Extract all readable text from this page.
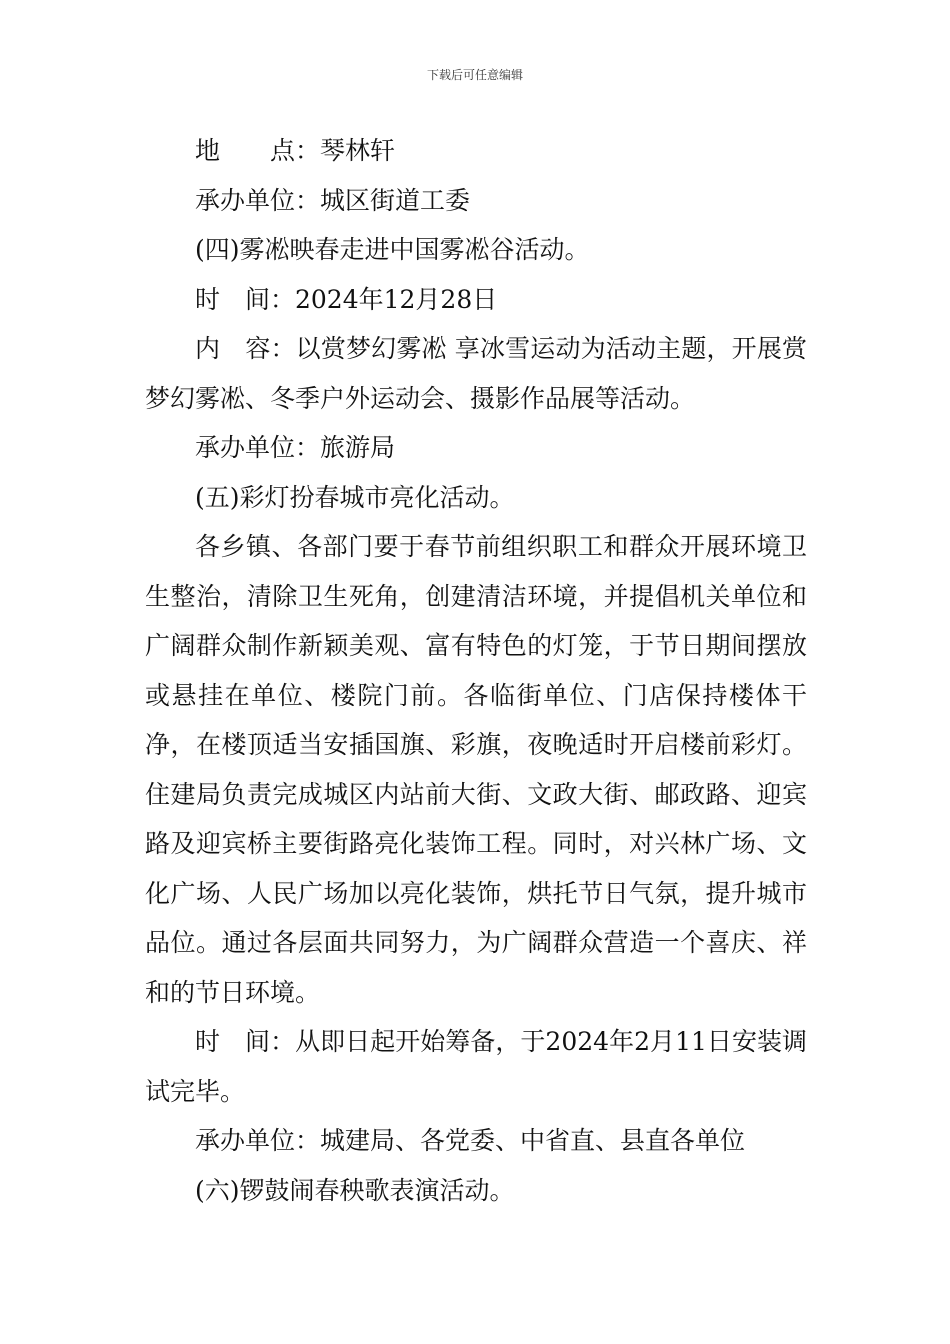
下载后可任意编辑

地　　点：琴林轩

承办单位：城区街道工委

(四)雾凇映春走进中国雾凇谷活动。

时　间：2024年12月28日

内　容：以赏梦幻雾凇 享冰雪运动为活动主题，开展赏梦幻雾凇、冬季户外运动会、摄影作品展等活动。

承办单位：旅游局

(五)彩灯扮春城市亮化活动。

各乡镇、各部门要于春节前组织职工和群众开展环境卫生整治，清除卫生死角，创建清洁环境，并提倡机关单位和广阔群众制作新颖美观、富有特色的灯笼，于节日期间摆放或悬挂在单位、楼院门前。各临街单位、门店保持楼体干净，在楼顶适当安插国旗、彩旗，夜晚适时开启楼前彩灯。住建局负责完成城区内站前大街、文政大街、邮政路、迎宾路及迎宾桥主要街路亮化装饰工程。同时，对兴林广场、文化广场、人民广场加以亮化装饰，烘托节日气氛，提升城市品位。通过各层面共同努力，为广阔群众营造一个喜庆、祥和的节日环境。

时　间：从即日起开始筹备，于2024年2月11日安装调试完毕。

承办单位：城建局、各党委、中省直、县直各单位

(六)锣鼓闹春秧歌表演活动。
